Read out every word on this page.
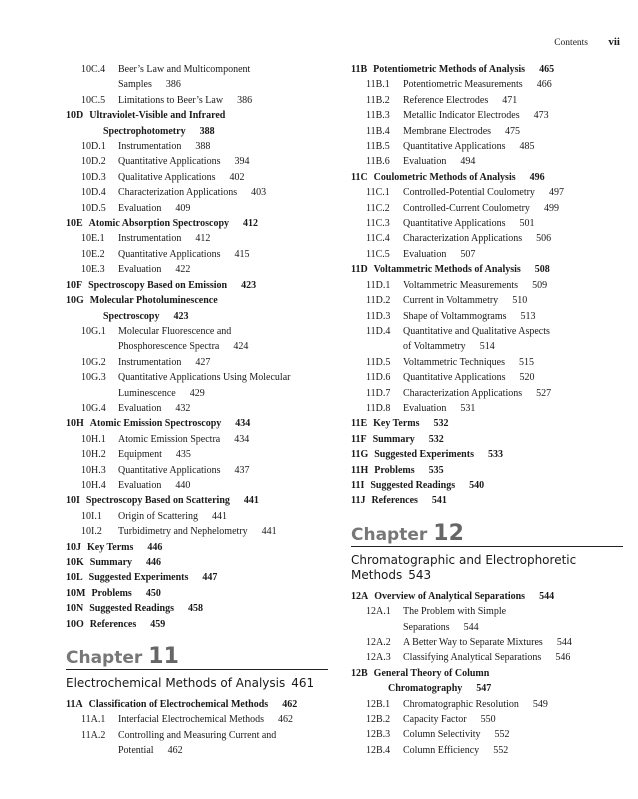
Contents vii
10C.4 Beer’s Law and Multicomponent
Samples 386
10C.5 Limitations to Beer’s Law 386
10D Ultraviolet-Visible and Infrared
Spectrophotometry 388
10D.1 Instrumentation 388
10D.2 Quantitative Applications 394
10D.3 Qualitative Applications 402
10D.4 Characterization Applications 403
10D.5 Evaluation 409
10E Atomic Absorption Spectroscopy 412
10E.1 Instrumentation 412
10E.2 Quantitative Applications 415
10E.3 Evaluation 422
10F Spectroscopy Based on Emission 423
10G Molecular Photoluminescence
Spectroscopy 423
10G.1 Molecular Fluorescence and
Phosphorescence Spectra 424
10G.2 Instrumentation 427
10G.3 Quantitative Applications Using Molecular
Luminescence 429
10G.4 Evaluation 432
10H Atomic Emission Spectroscopy 434
10H.1 Atomic Emission Spectra 434
10H.2 Equipment 435
10H.3 Quantitative Applications 437
10H.4 Evaluation 440
10I Spectroscopy Based on Scattering 441
10I.1 Origin of Scattering 441
10I.2 Turbidimetry and Nephelometry 441
10J Key Terms 446
10K Summary 446
10L Suggested Experiments 447
10M Problems 450
10N Suggested Readings 458
10O References 459
Chapter 11
Electrochemical Methods of Analysis 461
11A Classification of Electrochemical Methods 462
11A.1 Interfacial Electrochemical Methods 462
11A.2 Controlling and Measuring Current and
Potential 462
11B Potentiometric Methods of Analysis 465
11B.1 Potentiometric Measurements 466
11B.2 Reference Electrodes 471
11B.3 Metallic Indicator Electrodes 473
11B.4 Membrane Electrodes 475
11B.5 Quantitative Applications 485
11B.6 Evaluation 494
11C Coulometric Methods of Analysis 496
11C.1 Controlled-Potential Coulometry 497
11C.2 Controlled-Current Coulometry 499
11C.3 Quantitative Applications 501
11C.4 Characterization Applications 506
11C.5 Evaluation 507
11D Voltammetric Methods of Analysis 508
11D.1 Voltammetric Measurements 509
11D.2 Current in Voltammetry 510
11D.3 Shape of Voltammograms 513
11D.4 Quantitative and Qualitative Aspects
of Voltammetry 514
11D.5 Voltammetric Techniques 515
11D.6 Quantitative Applications 520
11D.7 Characterization Applications 527
11D.8 Evaluation 531
11E Key Terms 532
11F Summary 532
11G Suggested Experiments 533
11H Problems 535
11I Suggested Readings 540
11J References 541
Chapter 12
Chromatographic and Electrophoretic Methods 543
12A Overview of Analytical Separations 544
12A.1 The Problem with Simple
Separations 544
12A.2 A Better Way to Separate Mixtures 544
12A.3 Classifying Analytical Separations 546
12B General Theory of Column
Chromatography 547
12B.1 Chromatographic Resolution 549
12B.2 Capacity Factor 550
12B.3 Column Selectivity 552
12B.4 Column Efficiency 552
